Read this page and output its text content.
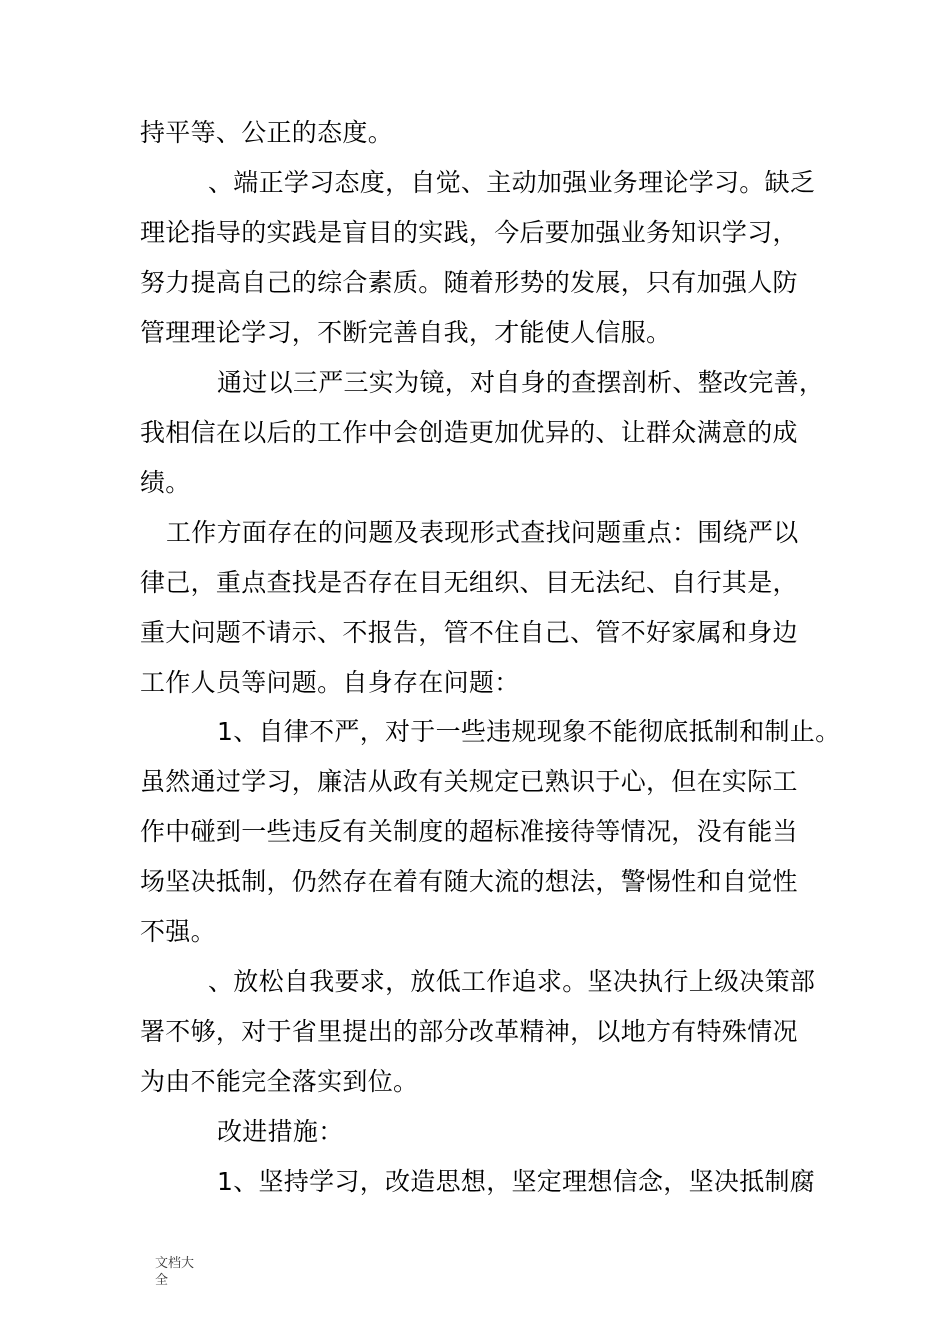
持平等、公正的态度。
、端正学习态度，自觉、主动加强业务理论学习。缺乏
理论指导的实践是盲目的实践，今后要加强业务知识学习，
努力提高自己的综合素质。随着形势的发展，只有加强人防
管理理论学习，不断完善自我，才能使人信服。
通过以三严三实为镜，对自身的查摆剖析、整改完善，
我相信在以后的工作中会创造更加优异的、让群众满意的成
绩。
工作方面存在的问题及表现形式查找问题重点：围绕严以
律己，重点查找是否存在目无组织、目无法纪、自行其是，
重大问题不请示、不报告，管不住自己、管不好家属和身边
工作人员等问题。自身存在问题：
1、自律不严，对于一些违规现象不能彻底抵制和制止。
虽然通过学习，廉洁从政有关规定已熟识于心，但在实际工
作中碰到一些违反有关制度的超标准接待等情况，没有能当
场坚决抵制，仍然存在着有随大流的想法，警惕性和自觉性
不强。
、放松自我要求，放低工作追求。坚决执行上级决策部
署不够，对于省里提出的部分改革精神，以地方有特殊情况
为由不能完全落实到位。
改进措施：
1、坚持学习，改造思想，坚定理想信念，坚决抵制腐
文档大全
